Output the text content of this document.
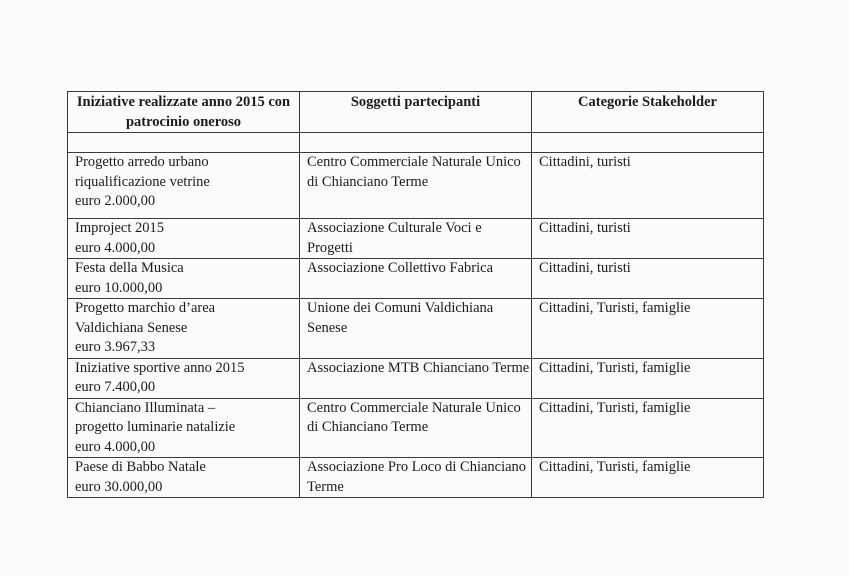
Iniziative realizzate anno 2015 con patrocinio oneroso	Soggetti partecipanti	Categorie Stakeholder

Progetto arredo urbano
riqualificazione vetrine
euro 2.000,00	Centro Commerciale Naturale Unico di Chianciano Terme	Cittadini, turisti
Improject 2015
euro 4.000,00	Associazione Culturale Voci e Progetti	Cittadini, turisti
Festa della Musica
euro 10.000,00	Associazione Collettivo Fabrica	Cittadini, turisti
Progetto marchio d’area
Valdichiana Senese
euro 3.967,33	Unione dei Comuni Valdichiana Senese	Cittadini, Turisti, famiglie
Iniziative sportive anno 2015
euro 7.400,00	Associazione MTB Chianciano Terme	Cittadini, Turisti, famiglie
Chianciano Illuminata –
progetto luminarie natalizie
euro 4.000,00	Centro Commerciale Naturale Unico di Chianciano Terme	Cittadini, Turisti, famiglie
Paese di Babbo Natale
euro 30.000,00	Associazione Pro Loco di Chianciano Terme	Cittadini, Turisti, famiglie
